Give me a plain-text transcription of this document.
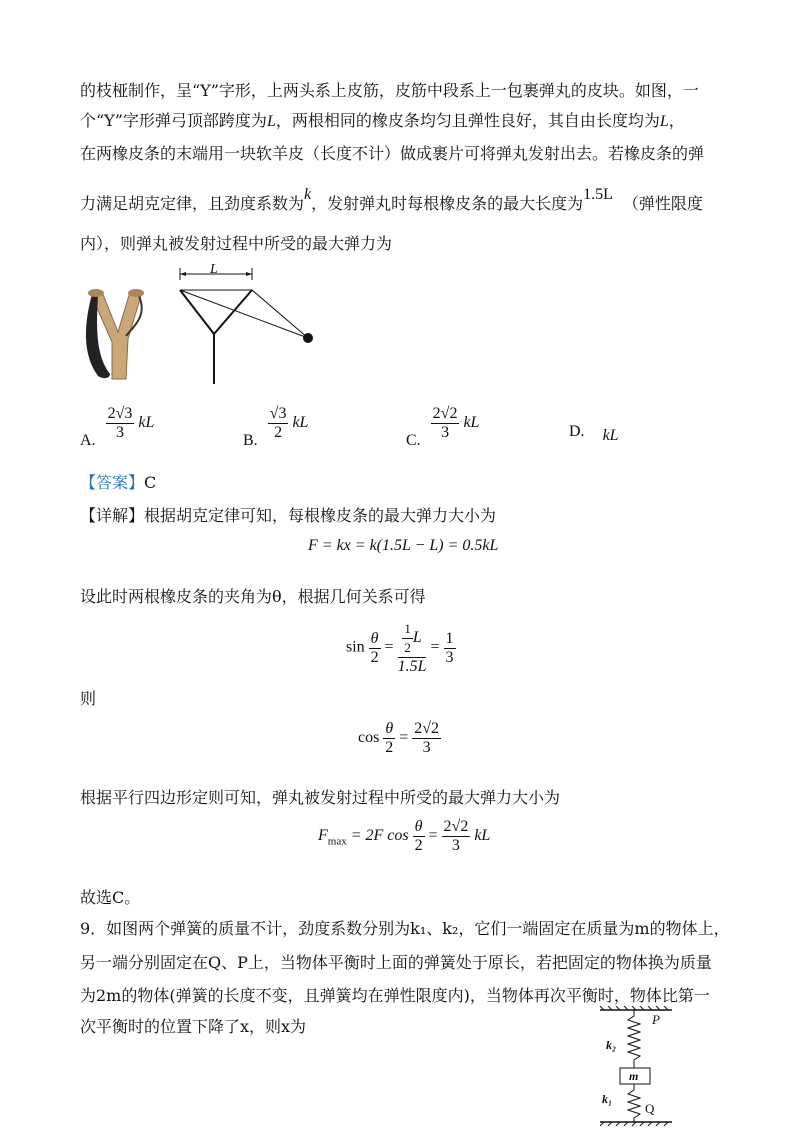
的枝桠制作，呈“Y”字形，上两头系上皮筋，皮筋中段系上一包裹弹丸的皮块。如图，一
个“Y”字形弹弓顶部跨度为L，两根相同的橡皮条均匀且弹性良好，其自由长度均为L，
在两橡皮条的末端用一块软羊皮（长度不计）做成裹片可将弹丸发射出去。若橡皮条的弹
力满足胡克定律，且劲度系数为k，发射弹丸时每根橡皮条的最大长度为1.5L （弹性限度
内），则弹丸被发射过程中所受的最大弹力为
L
A. $\frac{2√3}{3}$ kL
B. $\frac{√3}{2}$ kL
C. $\frac{2√2}{3}$ kL
D. kL
【答案】C
【详解】根据胡克定律可知，每根橡皮条的最大弹力大小为
F = kx = k(1.5L − L) = 0.5kL
设此时两根橡皮条的夹角为θ，根据几何关系可得
$\sin \frac{\theta}{2} = \frac{\frac{1}{2} L}{1.5L} = \frac{1}{3}$
则
$\cos \frac{\theta}{2} = \frac{2√2}{3}$
根据平行四边形定则可知，弹丸被发射过程中所受的最大弹力大小为
$F_{max} = 2F$ $\cos \frac{\theta}{2} = \frac{2√2}{3}$ kL
故选C。
9．如图两个弹簧的质量不计，劲度系数分别为k₁、k₂，它们一端固定在质量为m的物体上，
另一端分别固定在Q、P上，当物体平衡时上面的弹簧处于原长，若把固定的物体换为质量
为2m的物体(弹簧的长度不变，且弹簧均在弹性限度内)，当物体再次平衡时，物体比第一
次平衡时的位置下降了x，则x为	P
k₂
m
k₁
Q
